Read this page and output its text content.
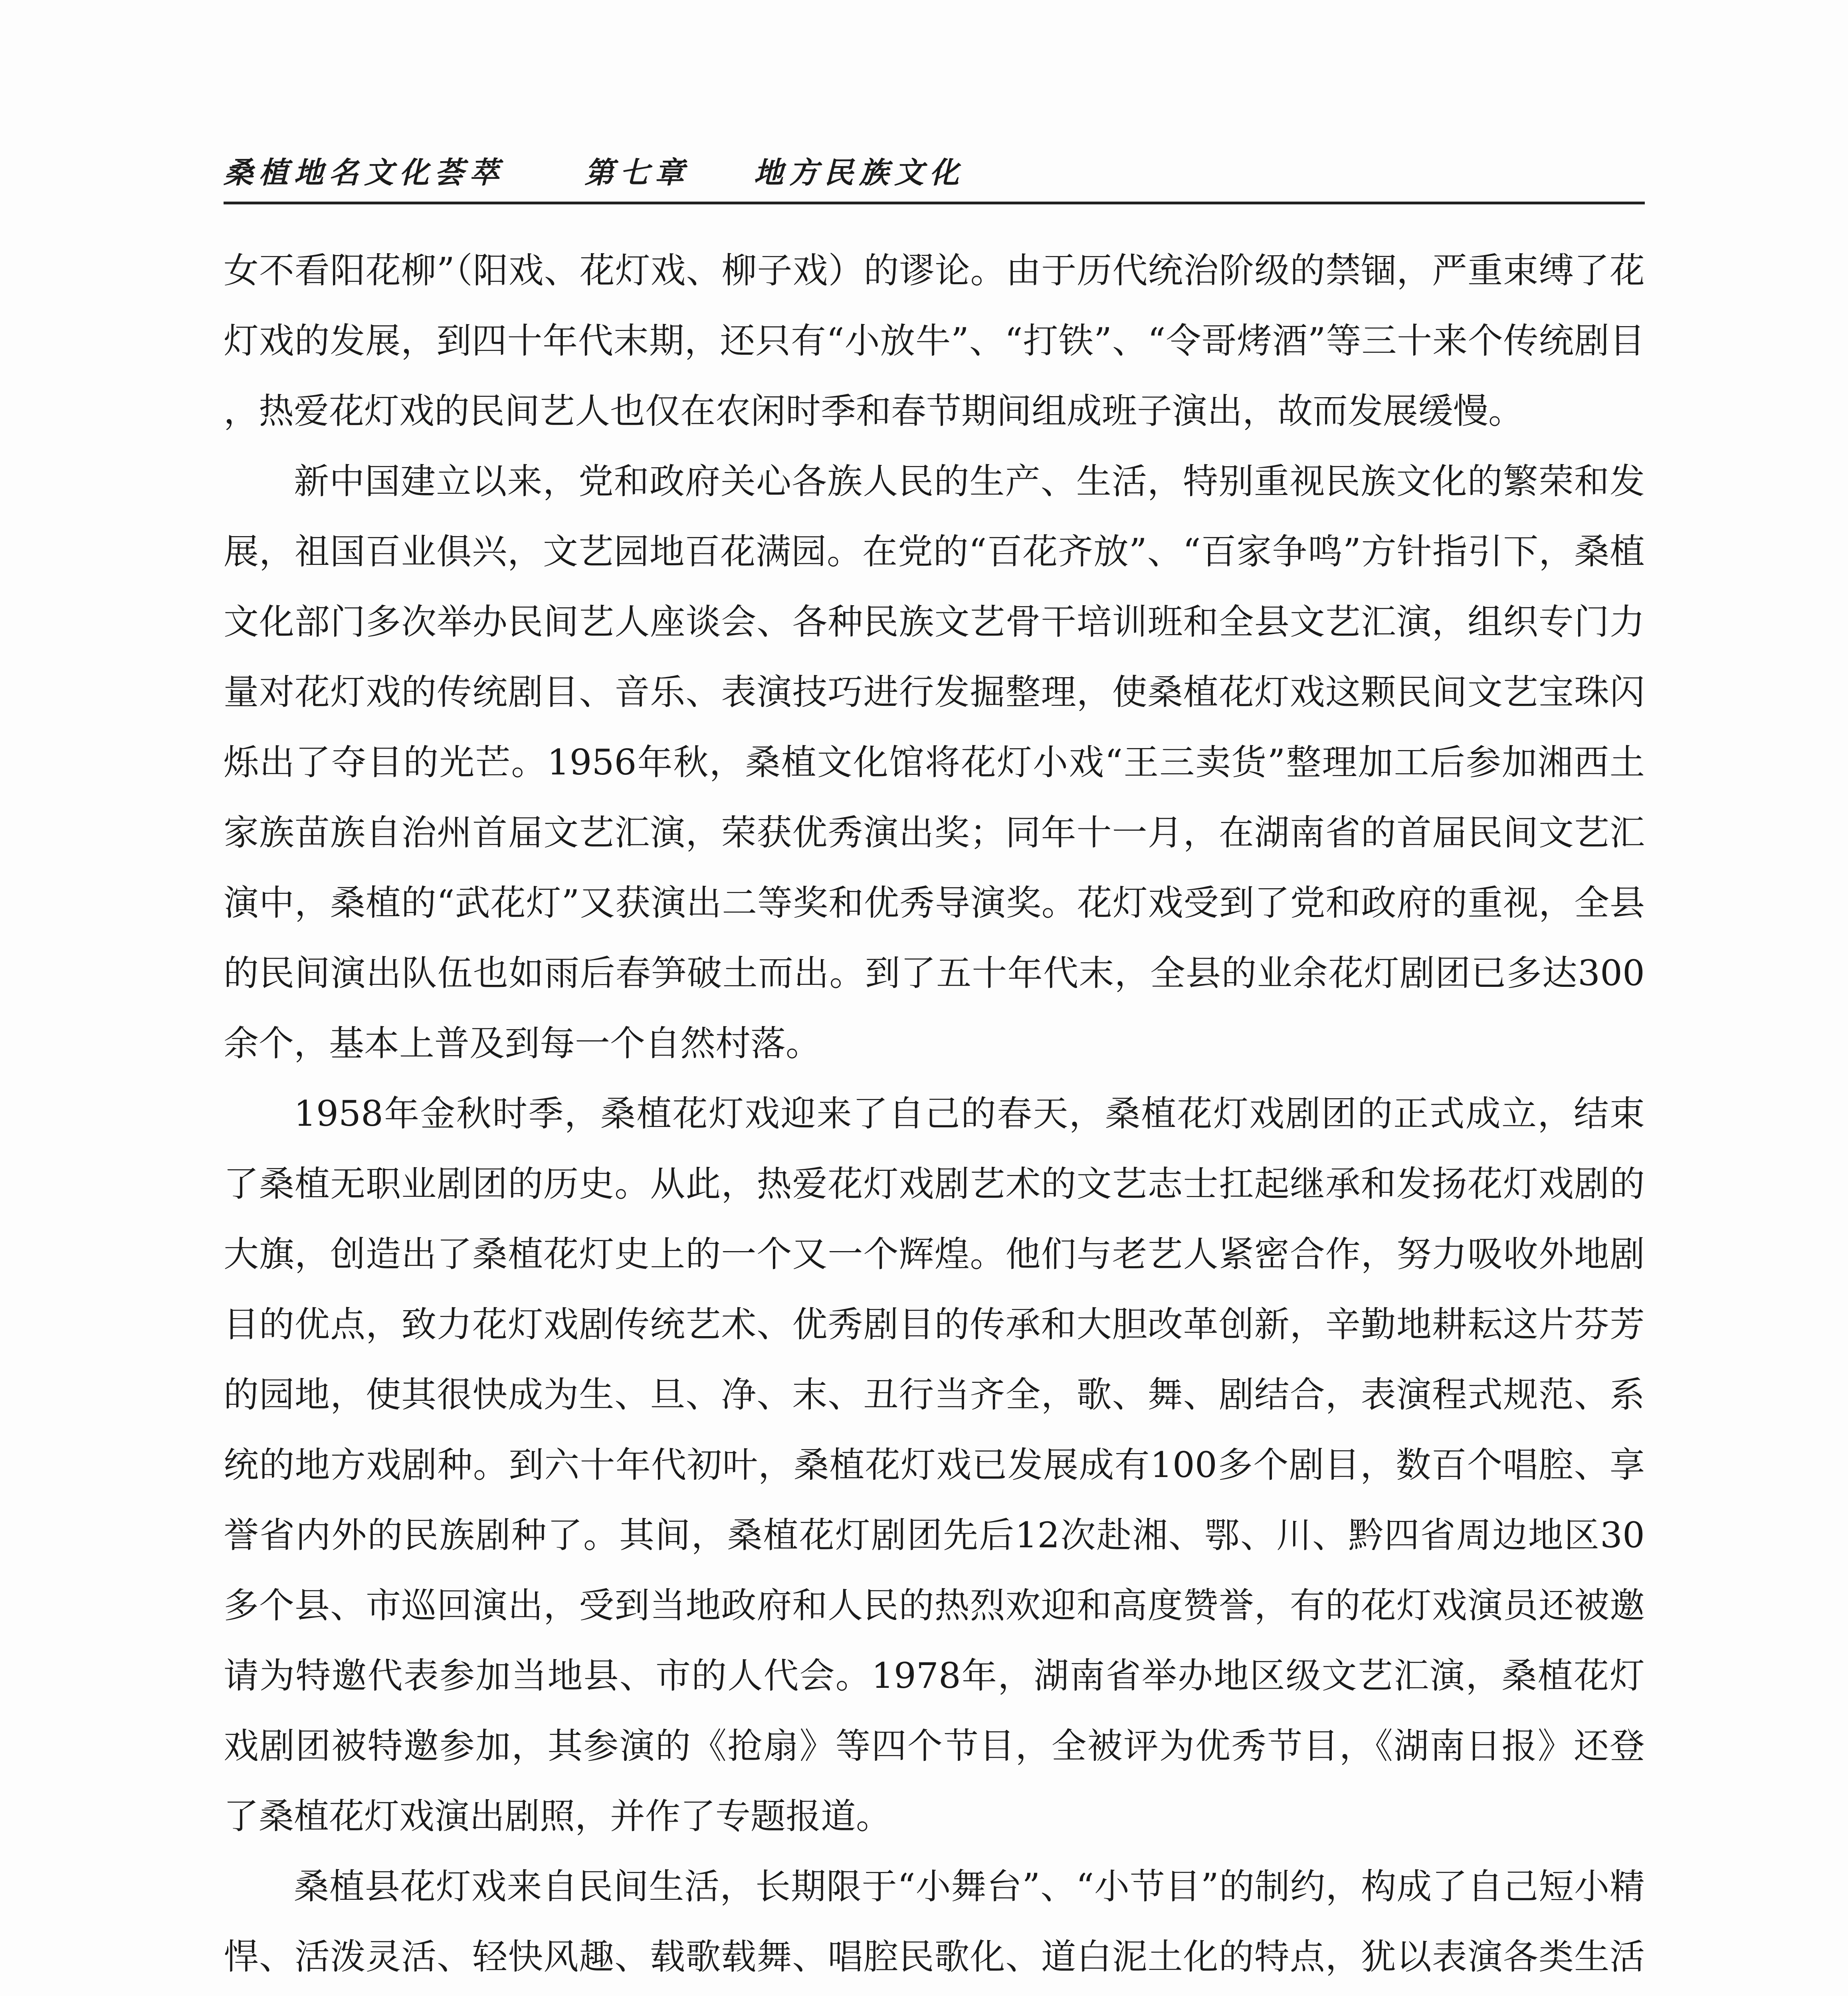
桑植地名文化荟萃	第七章 地方民族文化

女不看阳花柳”（阳戏、花灯戏、柳子戏）的谬论。由于历代统治阶级的禁锢，严重束缚了花灯戏的发展，到四十年代末期，还只有“小放牛”、“打铁”、“令哥烤酒”等三十来个传统剧目，热爱花灯戏的民间艺人也仅在农闲时季和春节期间组成班子演出，故而发展缓慢。

新中国建立以来，党和政府关心各族人民的生产、生活，特别重视民族文化的繁荣和发展，祖国百业俱兴，文艺园地百花满园。在党的“百花齐放”、“百家争鸣”方针指引下，桑植文化部门多次举办民间艺人座谈会、各种民族文艺骨干培训班和全县文艺汇演，组织专门力量对花灯戏的传统剧目、音乐、表演技巧进行发掘整理，使桑植花灯戏这颗民间文艺宝珠闪烁出了夺目的光芒。1956年秋，桑植文化馆将花灯小戏“王三卖货”整理加工后参加湘西土家族苗族自治州首届文艺汇演，荣获优秀演出奖；同年十一月，在湖南省的首届民间文艺汇演中，桑植的“武花灯”又获演出二等奖和优秀导演奖。花灯戏受到了党和政府的重视，全县的民间演出队伍也如雨后春笋破土而出。到了五十年代末，全县的业余花灯剧团已多达300余个，基本上普及到每一个自然村落。

1958年金秋时季，桑植花灯戏迎来了自己的春天，桑植花灯戏剧团的正式成立，结束了桑植无职业剧团的历史。从此，热爱花灯戏剧艺术的文艺志士扛起继承和发扬花灯戏剧的大旗，创造出了桑植花灯史上的一个又一个辉煌。他们与老艺人紧密合作，努力吸收外地剧目的优点，致力花灯戏剧传统艺术、优秀剧目的传承和大胆改革创新，辛勤地耕耘这片芬芳的园地，使其很快成为生、旦、净、末、丑行当齐全，歌、舞、剧结合，表演程式规范、系统的地方戏剧种。到六十年代初叶，桑植花灯戏已发展成有100多个剧目，数百个唱腔、享誉省内外的民族剧种了。其间，桑植花灯剧团先后12次赴湘、鄂、川、黔四省周边地区30多个县、市巡回演出，受到当地政府和人民的热烈欢迎和高度赞誉，有的花灯戏演员还被邀请为特邀代表参加当地县、市的人代会。1978年，湖南省举办地区级文艺汇演，桑植花灯戏剧团被特邀参加，其参演的《抢扇》等四个节目，全被评为优秀节目，《湖南日报》还登了桑植花灯戏演出剧照，并作了专题报道。

桑植县花灯戏来自民间生活，长期限于“小舞台”、“小节目”的制约，构成了自己短小精悍、活泼灵活、轻快风趣、载歌载舞、唱腔民歌化、道白泥土化的特点，犹以表演各类生活
